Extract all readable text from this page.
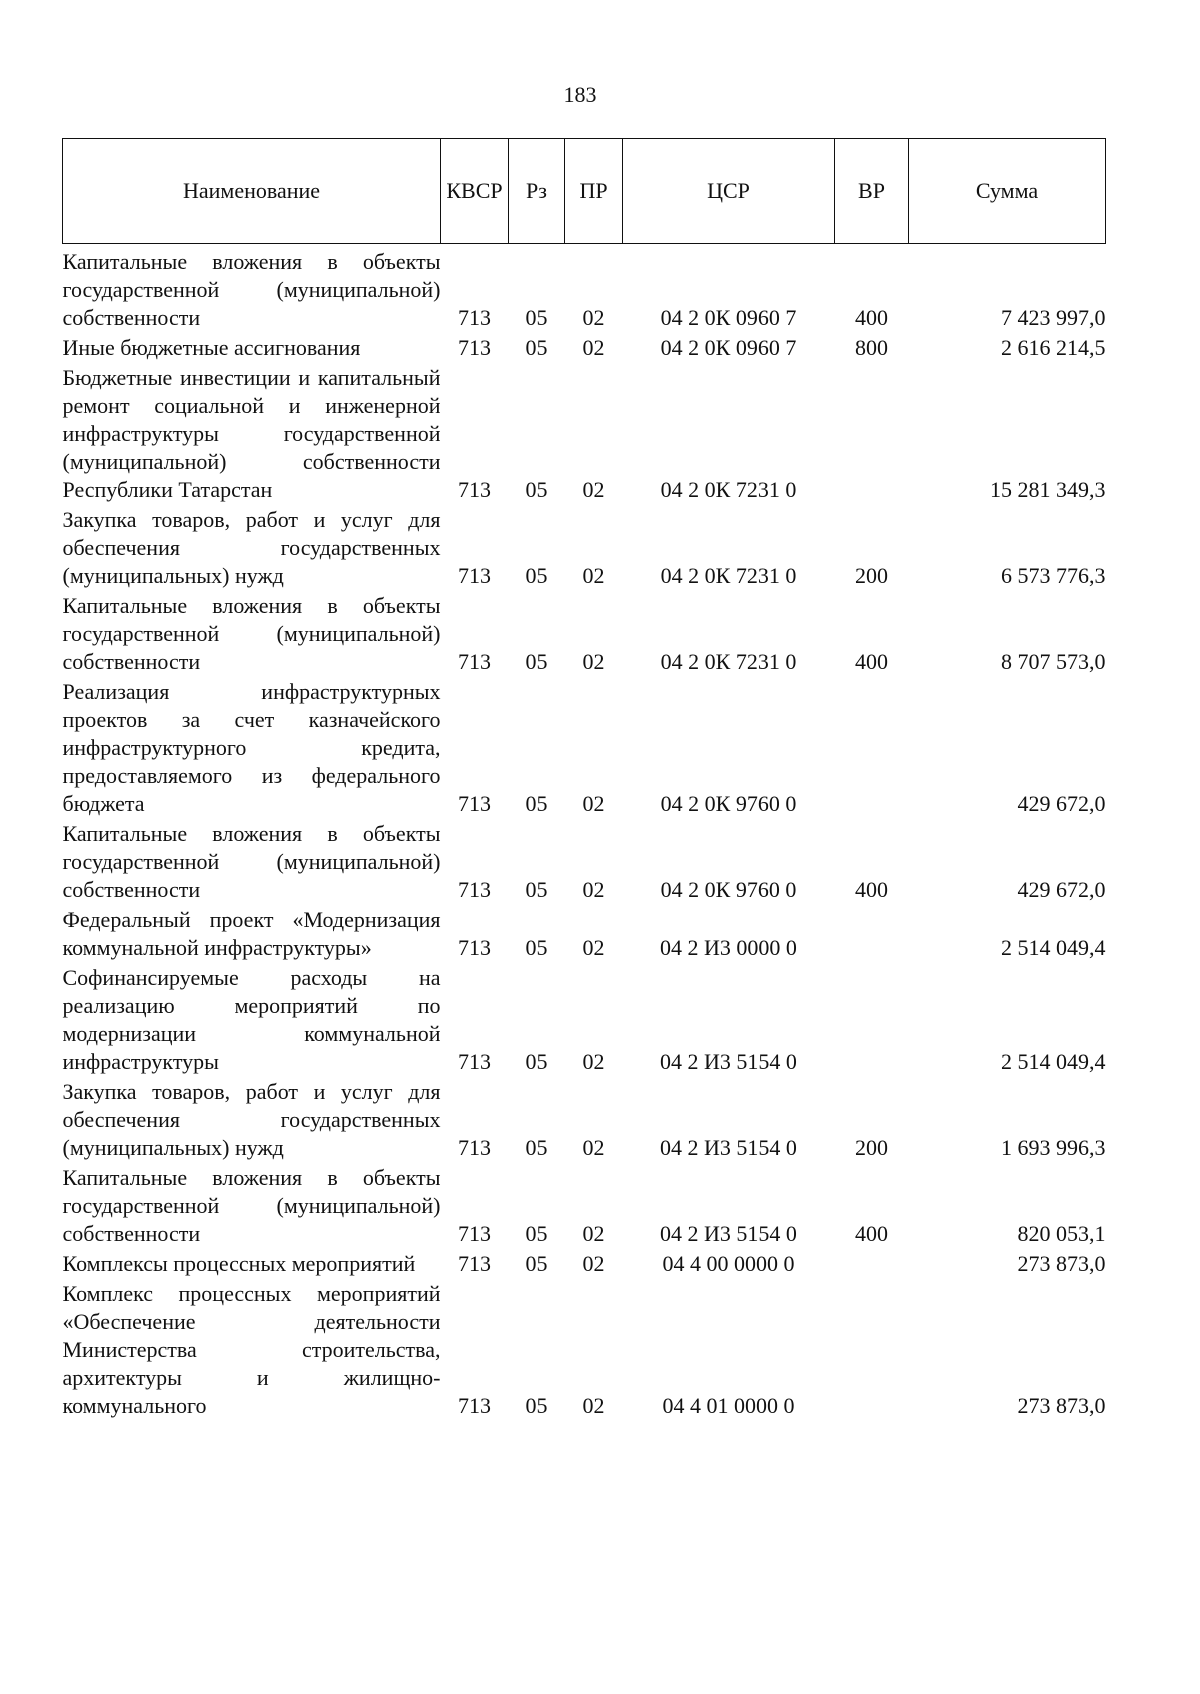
183
Наименование	КВСР	Рз	ПР	ЦСР	ВР	Сумма
Капитальные вложения в объекты государственной (муниципальной) собственности	713	05	02	04 2 0К 0960 7	400	7 423 997,0
Иные бюджетные ассигнования	713	05	02	04 2 0К 0960 7	800	2 616 214,5
Бюджетные инвестиции и капитальный ремонт социальной и инженерной инфраструктуры государственной (муниципальной) собственности Республики Татарстан	713	05	02	04 2 0К 7231 0		15 281 349,3
Закупка товаров, работ и услуг для обеспечения государственных (муниципальных) нужд	713	05	02	04 2 0К 7231 0	200	6 573 776,3
Капитальные вложения в объекты государственной (муниципальной) собственности	713	05	02	04 2 0К 7231 0	400	8 707 573,0
Реализация инфраструктурных проектов за счет казначейского инфраструктурного кредита, предоставляемого из федерального бюджета	713	05	02	04 2 0К 9760 0		429 672,0
Капитальные вложения в объекты государственной (муниципальной) собственности	713	05	02	04 2 0К 9760 0	400	429 672,0
Федеральный проект «Модернизация коммунальной инфраструктуры»	713	05	02	04 2 И3 0000 0		2 514 049,4
Софинансируемые расходы на реализацию мероприятий по модернизации коммунальной инфраструктуры	713	05	02	04 2 И3 5154 0		2 514 049,4
Закупка товаров, работ и услуг для обеспечения государственных (муниципальных) нужд	713	05	02	04 2 И3 5154 0	200	1 693 996,3
Капитальные вложения в объекты государственной (муниципальной) собственности	713	05	02	04 2 И3 5154 0	400	820 053,1
Комплексы процессных мероприятий	713	05	02	04 4 00 0000 0		273 873,0
Комплекс процессных мероприятий «Обеспечение деятельности Министерства строительства, архитектуры и жилищно-коммунального	713	05	02	04 4 01 0000 0		273 873,0
